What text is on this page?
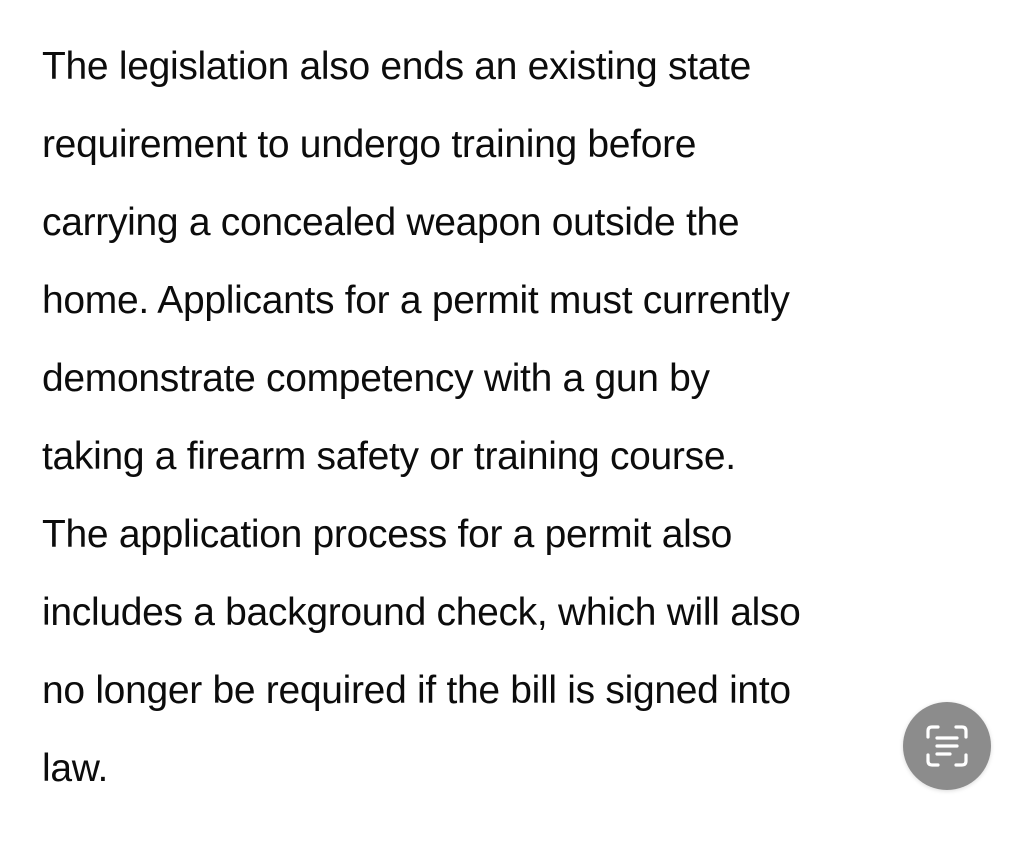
The legislation also ends an existing state
requirement to undergo training before
carrying a concealed weapon outside the
home. Applicants for a permit must currently
demonstrate competency with a gun by
taking a firearm safety or training course.
The application process for a permit also
includes a background check, which will also
no longer be required if the bill is signed into
law.
